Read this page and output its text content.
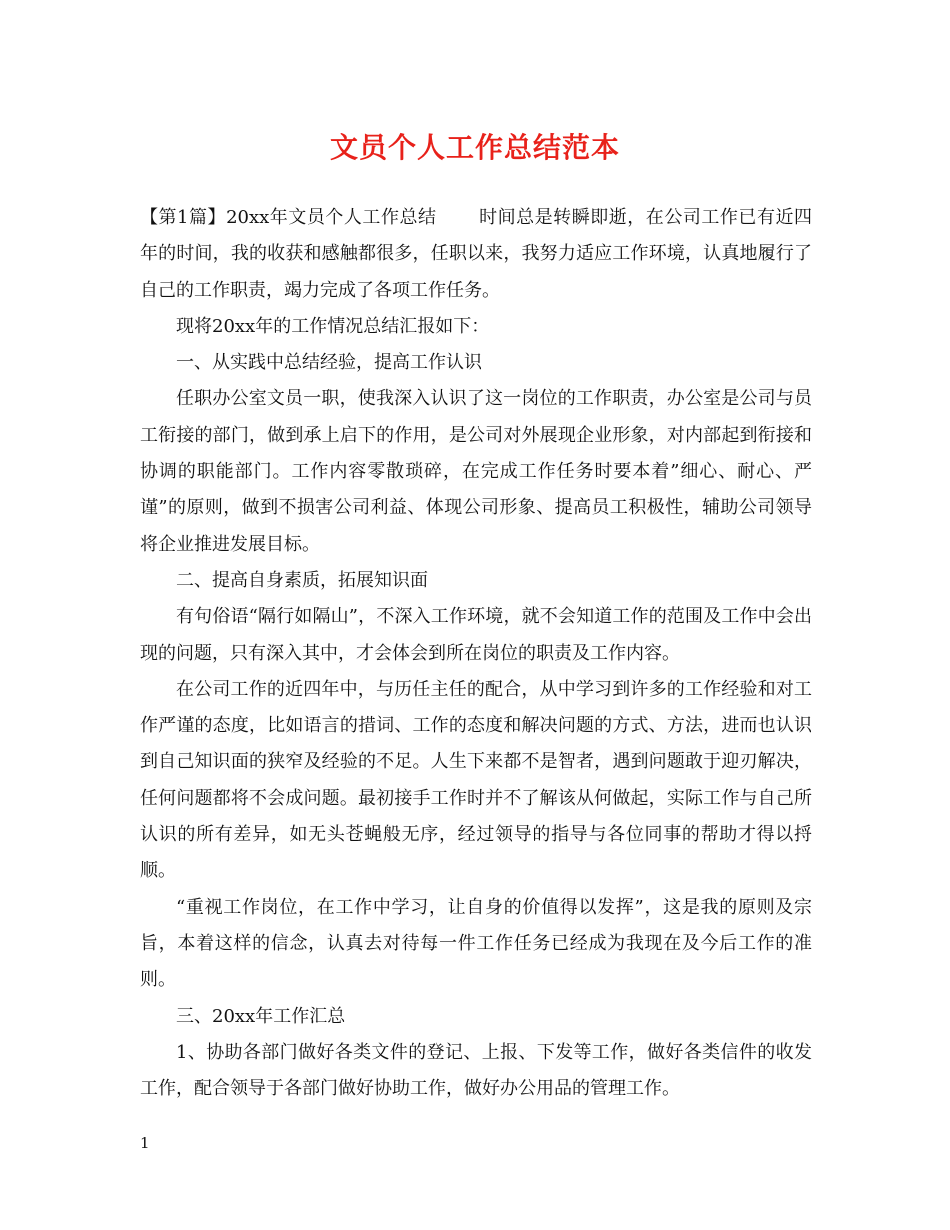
文员个人工作总结范本

【第1篇】20xx年文员个人工作总结 时间总是转瞬即逝，在公司工作已有近四年的时间，我的收获和感触都很多，任职以来，我努力适应工作环境，认真地履行了自己的工作职责，竭力完成了各项工作任务。

现将20xx年的工作情况总结汇报如下：

一、从实践中总结经验，提高工作认识

任职办公室文员一职，使我深入认识了这一岗位的工作职责，办公室是公司与员工衔接的部门，做到承上启下的作用，是公司对外展现企业形象，对内部起到衔接和协调的职能部门。工作内容零散琐碎，在完成工作任务时要本着”细心、耐心、严谨”的原则，做到不损害公司利益、体现公司形象、提高员工积极性，辅助公司领导将企业推进发展目标。

二、提高自身素质，拓展知识面

有句俗语“隔行如隔山”，不深入工作环境，就不会知道工作的范围及工作中会出现的问题，只有深入其中，才会体会到所在岗位的职责及工作内容。

在公司工作的近四年中，与历任主任的配合，从中学习到许多的工作经验和对工作严谨的态度，比如语言的措词、工作的态度和解决问题的方式、方法，进而也认识到自己知识面的狭窄及经验的不足。人生下来都不是智者，遇到问题敢于迎刃解决，任何问题都将不会成问题。最初接手工作时并不了解该从何做起，实际工作与自己所认识的所有差异，如无头苍蝇般无序，经过领导的指导与各位同事的帮助才得以捋顺。

“重视工作岗位，在工作中学习，让自身的价值得以发挥”，这是我的原则及宗旨，本着这样的信念，认真去对待每一件工作任务已经成为我现在及今后工作的准则。

三、20xx年工作汇总

1、协助各部门做好各类文件的登记、上报、下发等工作，做好各类信件的收发工作，配合领导于各部门做好协助工作，做好办公用品的管理工作。

1
